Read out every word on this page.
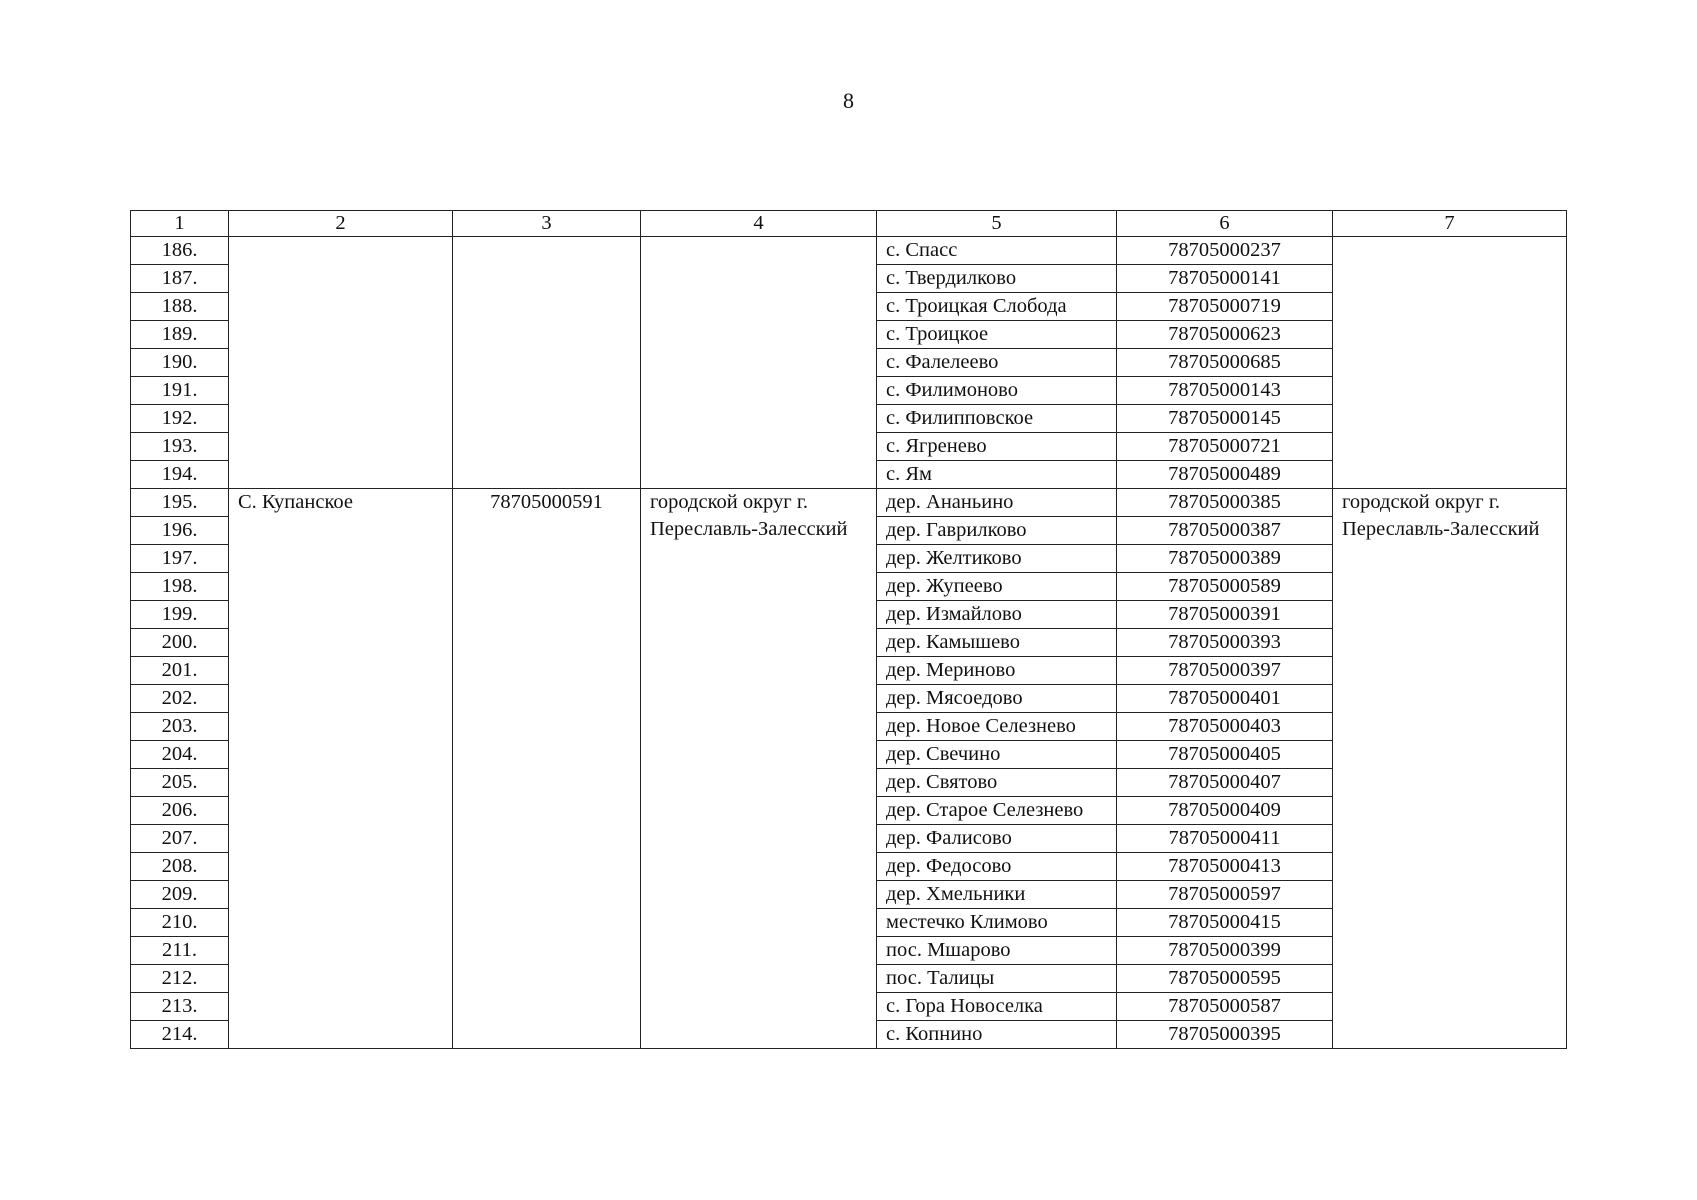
8
1	2	3	4	5	6	7
186.				с. Спасс	78705000237	
187.				с. Твердилково	78705000141	
188.				с. Троицкая Слобода	78705000719	
189.				с. Троицкое	78705000623	
190.				с. Фалелеево	78705000685	
191.				с. Филимоново	78705000143	
192.				с. Филипповское	78705000145	
193.				с. Ягренево	78705000721	
194.				с. Ям	78705000489	
195.	С. Купанское	78705000591	городской округ г. Переславль-Залесский	дер. Ананьино	78705000385	городской округ г. Переславль-Залесский
196.				дер. Гаврилково	78705000387	
197.				дер. Желтиково	78705000389	
198.				дер. Жупеево	78705000589	
199.				дер. Измайлово	78705000391	
200.				дер. Камышево	78705000393	
201.				дер. Мериново	78705000397	
202.				дер. Мясоедово	78705000401	
203.				дер. Новое Селезнево	78705000403	
204.				дер. Свечино	78705000405	
205.				дер. Святово	78705000407	
206.				дер. Старое Селезнево	78705000409	
207.				дер. Фалисово	78705000411	
208.				дер. Федосово	78705000413	
209.				дер. Хмельники	78705000597	
210.				местечко Климово	78705000415	
211.				пос. Мшарово	78705000399	
212.				пос. Талицы	78705000595	
213.				с. Гора Новоселка	78705000587	
214.				с. Копнино	78705000395	
